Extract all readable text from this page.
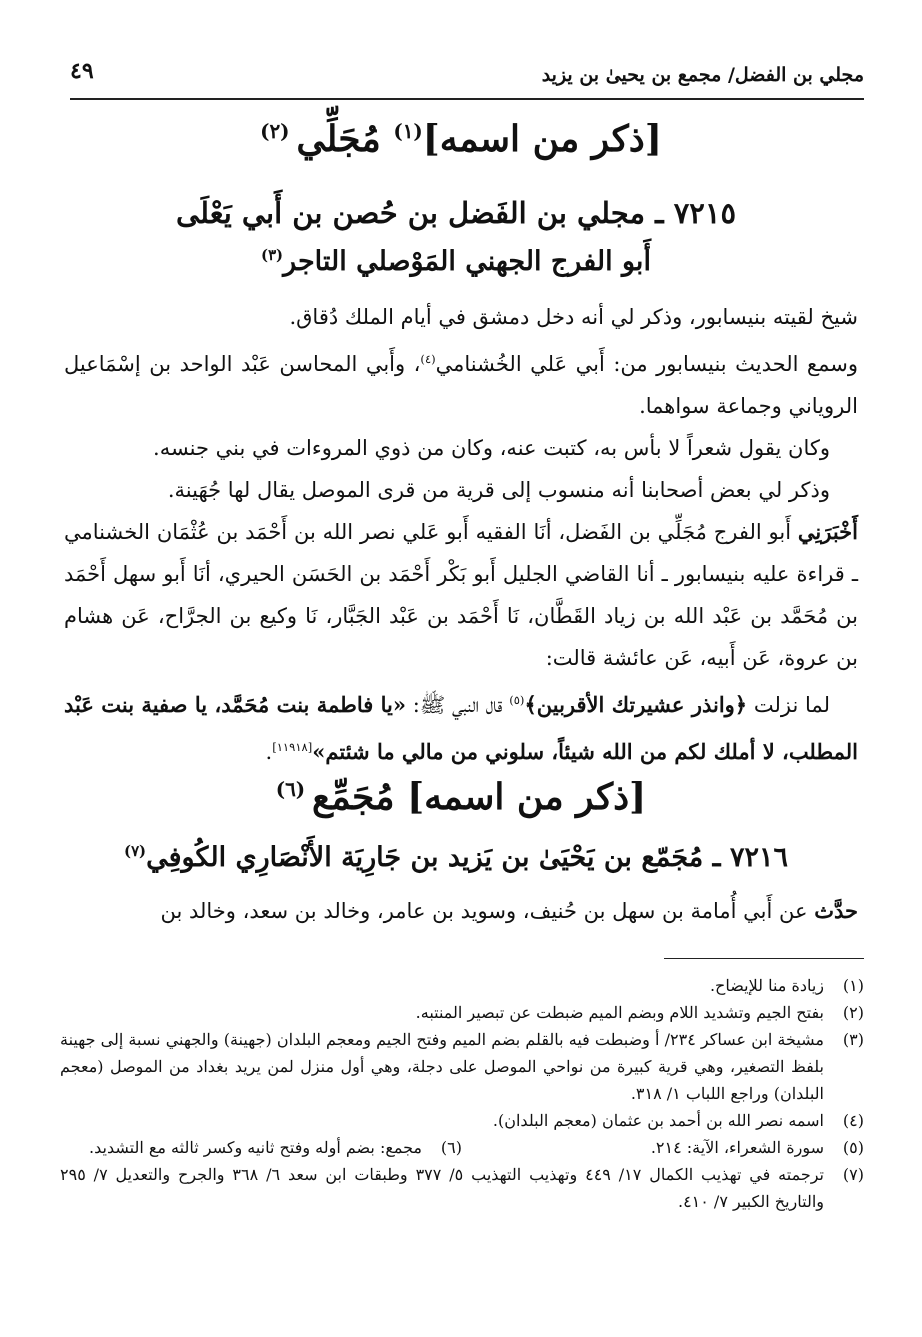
مجلي بن الفضل/ مجمع بن يحيىٰ بن يزيد
٤٩
[ذكر من اسمه]$^{(١)}$ مُجَلِّي $^{(٢)}$
٧٢١٥ ـ مجلي بن الفَضل بن حُصن بن أَبي يَعْلَى
أَبو الفرج الجهني المَوْصلي التاجر$^{(٣)}$

شيخ لقيته بنيسابور، وذكر لي أنه دخل دمشق في أيام الملك دُقاق.

وسمع الحديث بنيسابور من: أَبي عَلي الخُشنامي$^{(٤)}$، وأَبي المحاسن عَبْد الواحد بن إسْمَاعيل الروياني وجماعة سواهما.

وكان يقول شعراً لا بأس به، كتبت عنه، وكان من ذوي المروءات في بني جنسه.

وذكر لي بعض أصحابنا أنه منسوب إلى قرية من قرى الموصل يقال لها جُهَينة.

أَخْبَرَنِي أَبو الفرج مُجَلِّي بن الفَضل، أنَا الفقيه أَبو عَلي نصر الله بن أَحْمَد بن عُثْمَان الخشنامي ـ قراءة عليه بنيسابور ـ أنا القاضي الجليل أَبو بَكْر أَحْمَد بن الحَسَن الحيري، أنَا أَبو سهل أَحْمَد بن مُحَمَّد بن عَبْد الله بن زياد القَطَّان، نَا أَحْمَد بن عَبْد الجَبَّار، نَا وكيع بن الجرَّاح، عَن هشام بن عروة، عَن أَبيه، عَن عائشة قالت:

لما نزلت ﴿وانذر عشيرتك الأقربين﴾$^{(٥)}$ قال النبي ﷺ: «يا فاطمة بنت مُحَمَّد، يا صفية بنت عَبْد المطلب، لا أملك لكم من الله شيئاً، سلوني من مالي ما شئتم»[١١٩١٨].

[ذكر من اسمه] مُجَمِّع $^{(٦)}$
٧٢١٦ ـ مُجَمّع بن يَحْيَىٰ بن يَزيد بن جَارِيَة الأَنْصَارِي الكُوفِي$^{(٧)}$

حدَّث عن أَبي أُمامة بن سهل بن حُنيف، وسويد بن عامر، وخالد بن سعد، وخالد بن

(١)
زيادة منا للإيضاح.
(٢)
بفتح الجيم وتشديد اللام وبضم الميم ضبطت عن تبصير المنتبه.
(٣)
مشيخة ابن عساكر ٢٣٤/ أ وضبطت فيه بالقلم بضم الميم وفتح الجيم ومعجم البلدان (جهينة) والجهني نسبة إلى جهينة بلفظ التصغير، وهي قرية كبيرة من نواحي الموصل على دجلة، وهي أول منزل لمن يريد بغداد من الموصل (معجم البلدان) وراجع اللباب ١/ ٣١٨.
(٤)
اسمه نصر الله بن أحمد بن عثمان (معجم البلدان).
(٥)
سورة الشعراء، الآية: ٢١٤.
(٦)
مجمع: بضم أوله وفتح ثانيه وكسر ثالثه مع التشديد.
(٧)
ترجمته في تهذيب الكمال ١٧/ ٤٤٩ وتهذيب التهذيب ٥/ ٣٧٧ وطبقات ابن سعد ٦/ ٣٦٨ والجرح والتعديل ٧/ ٢٩٥ والتاريخ الكبير ٧/ ٤١٠.
